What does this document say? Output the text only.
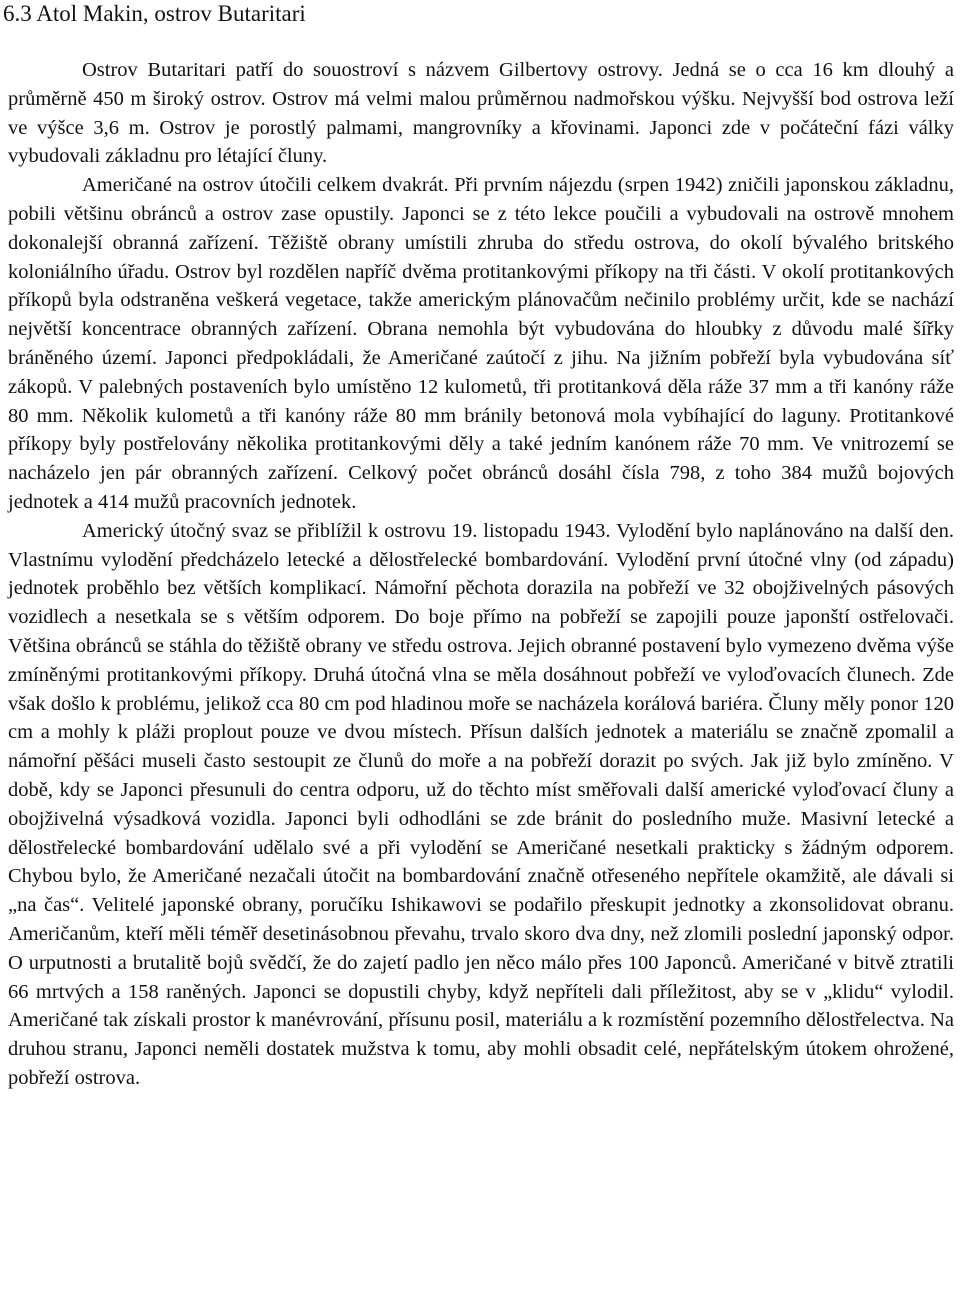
6.3 Atol Makin, ostrov Butaritari

Ostrov Butaritari patří do souostroví s názvem Gilbertovy ostrovy. Jedná se o cca 16 km dlouhý a průměrně 450 m široký ostrov. Ostrov má velmi malou průměrnou nadmořskou výšku. Nejvyšší bod ostrova leží ve výšce 3,6 m. Ostrov je porostlý palmami, mangrovníky a křovinami. Japonci zde v počáteční fázi války vybudovali základnu pro létající čluny.

Američané na ostrov útočili celkem dvakrát. Při prvním nájezdu (srpen 1942) zničili japonskou základnu, pobili většinu obránců a ostrov zase opustily. Japonci se z této lekce poučili a vybudovali na ostrově mnohem dokonalejší obranná zařízení. Těžiště obrany umístili zhruba do středu ostrova, do okolí bývalého britského koloniálního úřadu. Ostrov byl rozdělen napříč dvěma protitankovými příkopy na tři části. V okolí protitankových příkopů byla odstraněna veškerá vegetace, takže americkým plánovačům nečinilo problémy určit, kde se nachází největší koncentrace obranných zařízení. Obrana nemohla být vybudována do hloubky z důvodu malé šířky bráněného území. Japonci předpokládali, že Američané zaútočí z jihu. Na jižním pobřeží byla vybudována síť zákopů. V palebných postaveních bylo umístěno 12 kulometů, tři protitanková děla ráže 37 mm a tři kanóny ráže 80 mm. Několik kulometů a tři kanóny ráže 80 mm bránily betonová mola vybíhající do laguny. Protitankové příkopy byly postřelovány několika protitankovými děly a také jedním kanónem ráže 70 mm. Ve vnitrozemí se nacházelo jen pár obranných zařízení. Celkový počet obránců dosáhl čísla 798, z toho 384 mužů bojových jednotek a 414 mužů pracovních jednotek.

Americký útočný svaz se přiblížil k ostrovu 19. listopadu 1943. Vylodění bylo naplánováno na další den. Vlastnímu vylodění předcházelo letecké a dělostřelecké bombardování. Vylodění první útočné vlny (od západu) jednotek proběhlo bez větších komplikací. Námořní pěchota dorazila na pobřeží ve 32 obojživelných pásových vozidlech a nesetkala se s větším odporem. Do boje přímo na pobřeží se zapojili pouze japonští ostřelovači. Většina obránců se stáhla do těžiště obrany ve středu ostrova. Jejich obranné postavení bylo vymezeno dvěma výše zmíněnými protitankovými příkopy. Druhá útočná vlna se měla dosáhnout pobřeží ve vyloďovacích člunech. Zde však došlo k problému, jelikož cca 80 cm pod hladinou moře se nacházela korálová bariéra. Čluny měly ponor 120 cm a mohly k pláži proplout pouze ve dvou místech. Přísun dalších jednotek a materiálu se značně zpomalil a námořní pěšáci museli často sestoupit ze člunů do moře a na pobřeží dorazit po svých. Jak již bylo zmíněno. V době, kdy se Japonci přesunuli do centra odporu, už do těchto míst směřovali další americké vyloďovací čluny a obojživelná výsadková vozidla. Japonci byli odhodláni se zde bránit do posledního muže. Masivní letecké a dělostřelecké bombardování udělalo své a při vylodění se Američané nesetkali prakticky s žádným odporem. Chybou bylo, že Američané nezačali útočit na bombardování značně otřeseného nepřítele okamžitě, ale dávali si „na čas“. Velitelé japonské obrany, poručíku Ishikawovi se podařilo přeskupit jednotky a zkonsolidovat obranu. Američanům, kteří měli téměř desetinásobnou převahu, trvalo skoro dva dny, než zlomili poslední japonský odpor. O urputnosti a brutalitě bojů svědčí, že do zajetí padlo jen něco málo přes 100 Japonců. Američané v bitvě ztratili 66 mrtvých a 158 raněných. Japonci se dopustili chyby, když nepříteli dali příležitost, aby se v „klidu“ vylodil. Američané tak získali prostor k manévrování, přísunu posil, materiálu a k rozmístění pozemního dělostřelectva. Na druhou stranu, Japonci neměli dostatek mužstva k tomu, aby mohli obsadit celé, nepřátelským útokem ohrožené, pobřeží ostrova.
